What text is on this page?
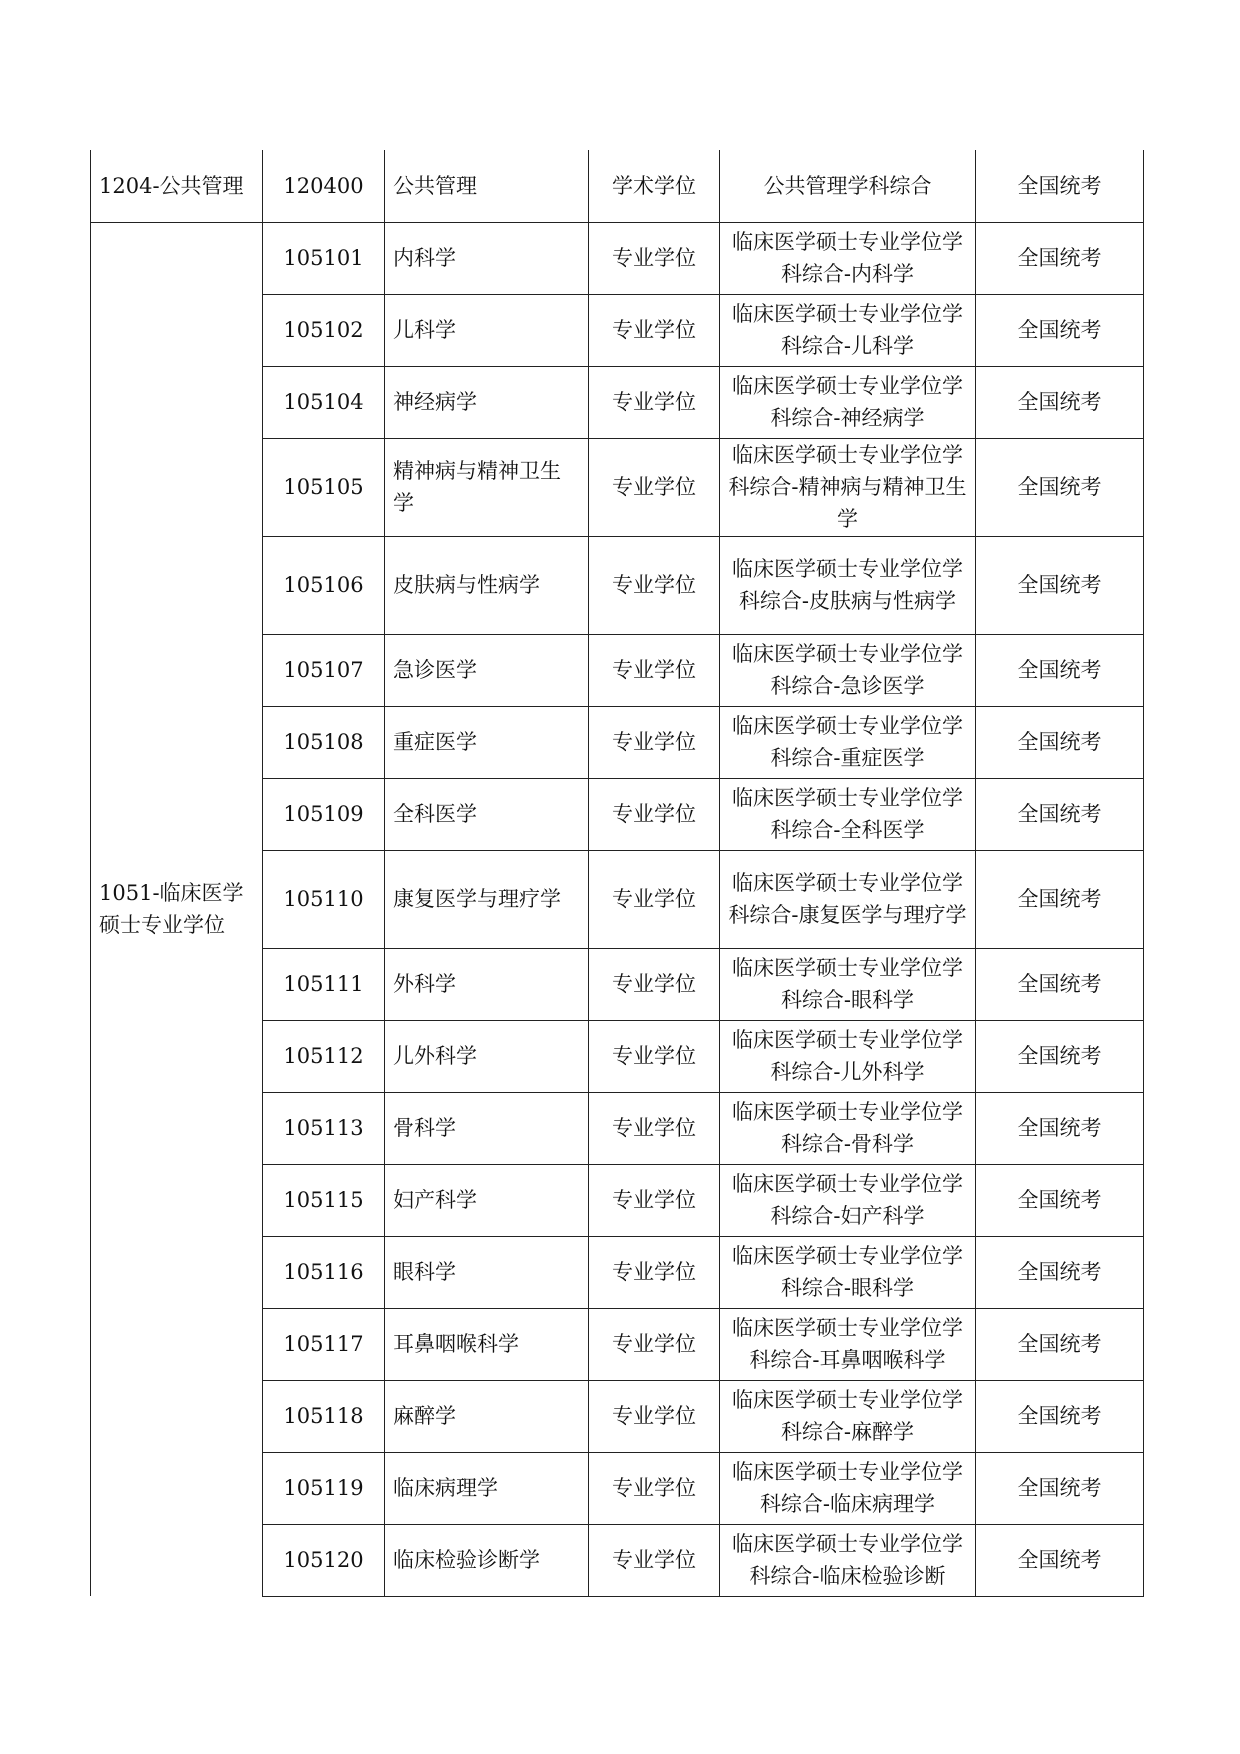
1204-公共管理	120400	公共管理	学术学位	公共管理学科综合	全国统考
1051-临床医学硕士专业学位	105101	内科学	专业学位	临床医学硕士专业学位学科综合-内科学	全国统考
	105102	儿科学	专业学位	临床医学硕士专业学位学科综合-儿科学	全国统考
	105104	神经病学	专业学位	临床医学硕士专业学位学科综合-神经病学	全国统考
	105105	精神病与精神卫生学	专业学位	临床医学硕士专业学位学科综合-精神病与精神卫生学	全国统考
	105106	皮肤病与性病学	专业学位	临床医学硕士专业学位学科综合-皮肤病与性病学	全国统考
	105107	急诊医学	专业学位	临床医学硕士专业学位学科综合-急诊医学	全国统考
	105108	重症医学	专业学位	临床医学硕士专业学位学科综合-重症医学	全国统考
	105109	全科医学	专业学位	临床医学硕士专业学位学科综合-全科医学	全国统考
	105110	康复医学与理疗学	专业学位	临床医学硕士专业学位学科综合-康复医学与理疗学	全国统考
	105111	外科学	专业学位	临床医学硕士专业学位学科综合-眼科学	全国统考
	105112	儿外科学	专业学位	临床医学硕士专业学位学科综合-儿外科学	全国统考
	105113	骨科学	专业学位	临床医学硕士专业学位学科综合-骨科学	全国统考
	105115	妇产科学	专业学位	临床医学硕士专业学位学科综合-妇产科学	全国统考
	105116	眼科学	专业学位	临床医学硕士专业学位学科综合-眼科学	全国统考
	105117	耳鼻咽喉科学	专业学位	临床医学硕士专业学位学科综合-耳鼻咽喉科学	全国统考
	105118	麻醉学	专业学位	临床医学硕士专业学位学科综合-麻醉学	全国统考
	105119	临床病理学	专业学位	临床医学硕士专业学位学科综合-临床病理学	全国统考
	105120	临床检验诊断学	专业学位	临床医学硕士专业学位学科综合-临床检验诊断	全国统考
